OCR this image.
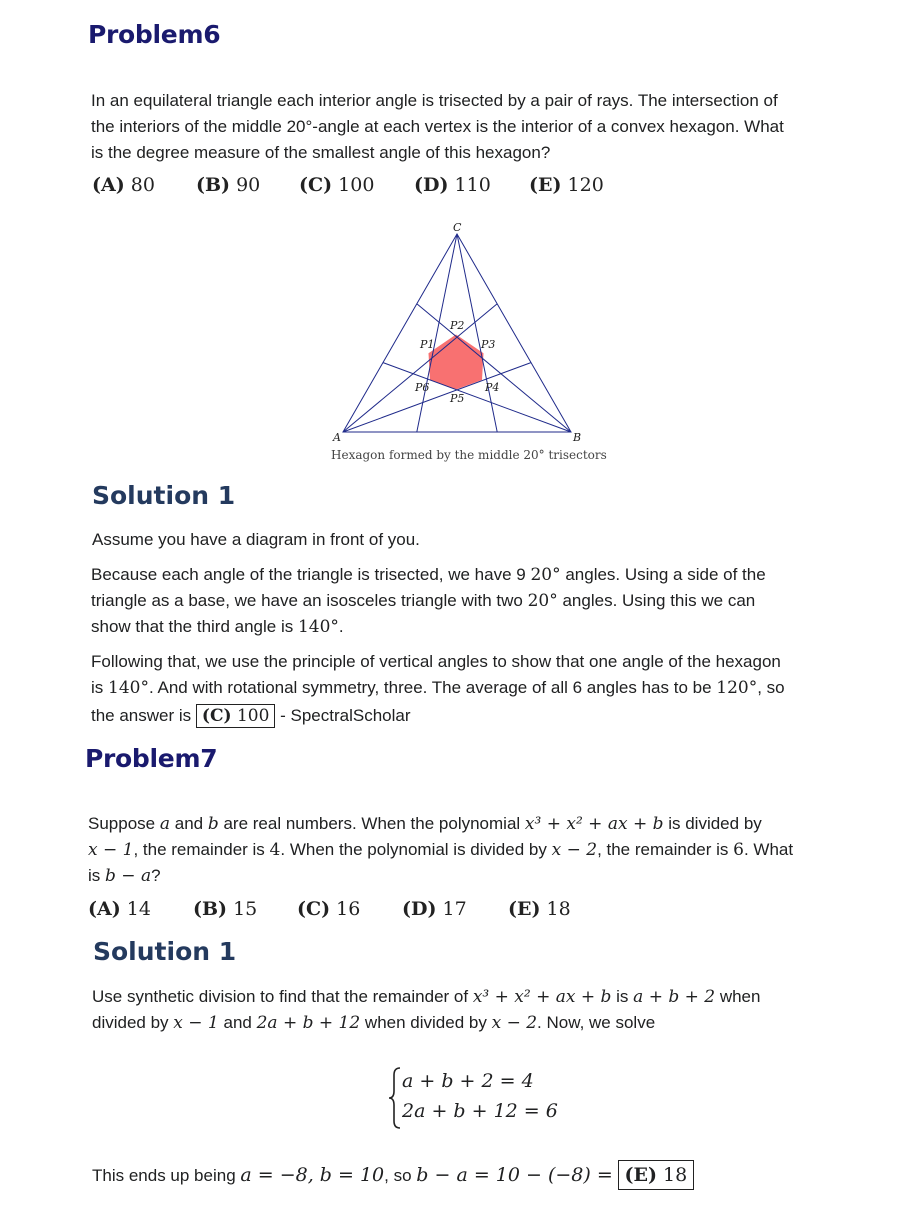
Problem6
In an equilateral triangle each interior angle is trisected by a pair of rays. The intersection of
the interiors of the middle 20°-angle at each vertex is the interior of a convex hexagon. What
is the degree measure of the smallest angle of this hexagon?
(A) 80 (B) 90 (C) 100 (D) 110 (E) 120
C
A	B
P1
P2
P3
P4
P5
P6
Hexagon formed by the middle 20° trisectors
Solution 1
Assume you have a diagram in front of you.
Because each angle of the triangle is trisected, we have 9 20° angles. Using a side of the
triangle as a base, we have an isosceles triangle with two 20° angles. Using this we can
show that the third angle is 140°.
Following that, we use the principle of vertical angles to show that one angle of the hexagon
is 140°. And with rotational symmetry, three. The average of all 6 angles has to be 120°, so
the answer is (C) 100 - SpectralScholar
Problem7
Suppose a and b are real numbers. When the polynomial x³ + x² + ax + b is divided by
x − 1, the remainder is 4. When the polynomial is divided by x − 2, the remainder is 6. What
is b − a?
(A) 14 (B) 15 (C) 16 (D) 17 (E) 18
Solution 1
Use synthetic division to find that the remainder of x³ + x² + ax + b is a + b + 2 when
divided by x − 1 and 2a + b + 12 when divided by x − 2. Now, we solve
a + b + 2 = 4
2a + b + 12 = 6
This ends up being a = −8, b = 10, so b − a = 10 − (−8) = (E) 18
